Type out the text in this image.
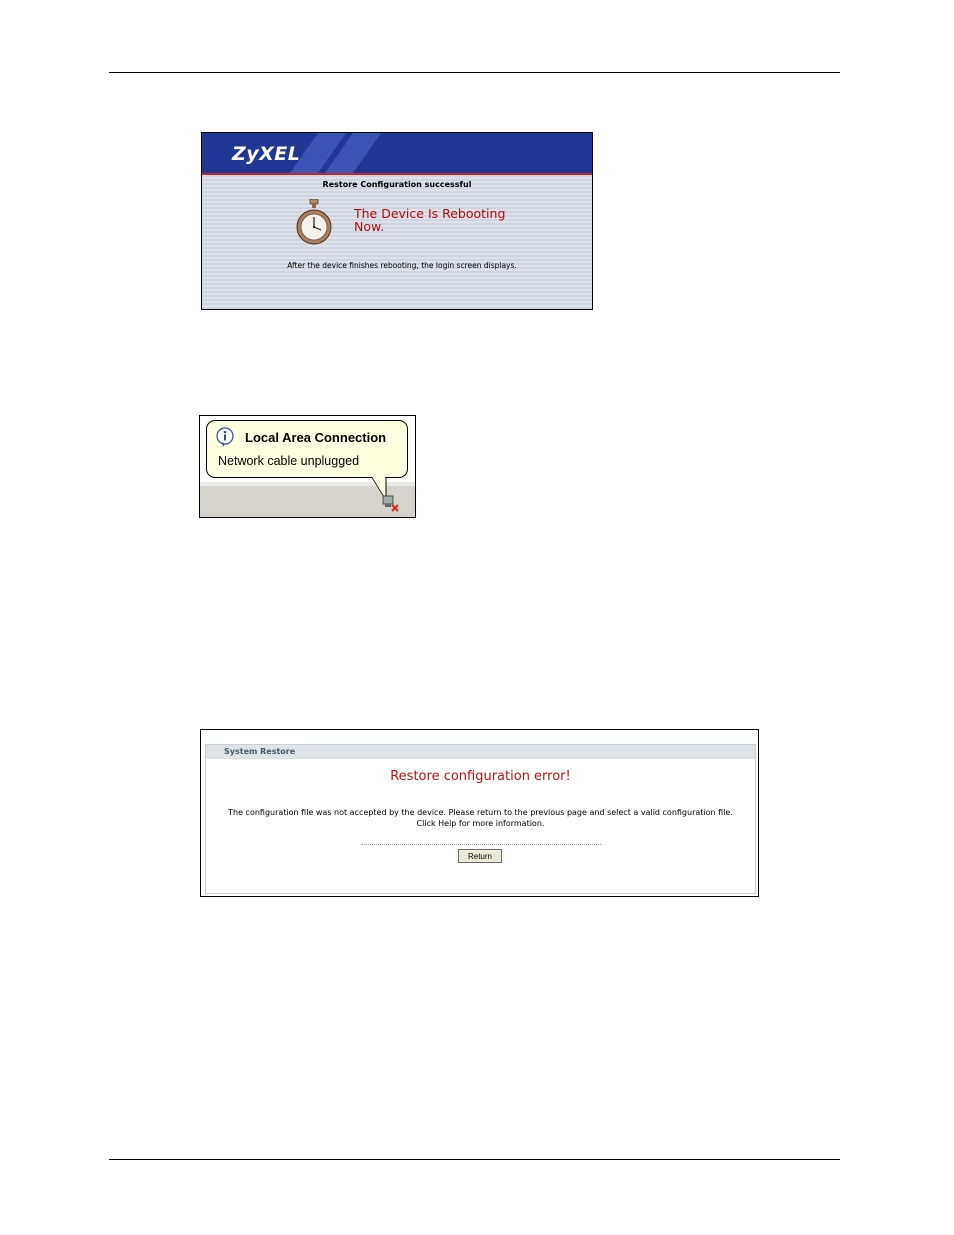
ZyXEL
Restore Configuration successful
The Device Is Rebooting Now.
After the device finishes rebooting, the login screen displays.
Local Area Connection
Network cable unplugged
System Restore
Restore configuration error!
The configuration file was not accepted by the device. Please return to the previous page and select a valid configuration file. Click Help for more information.
Return
